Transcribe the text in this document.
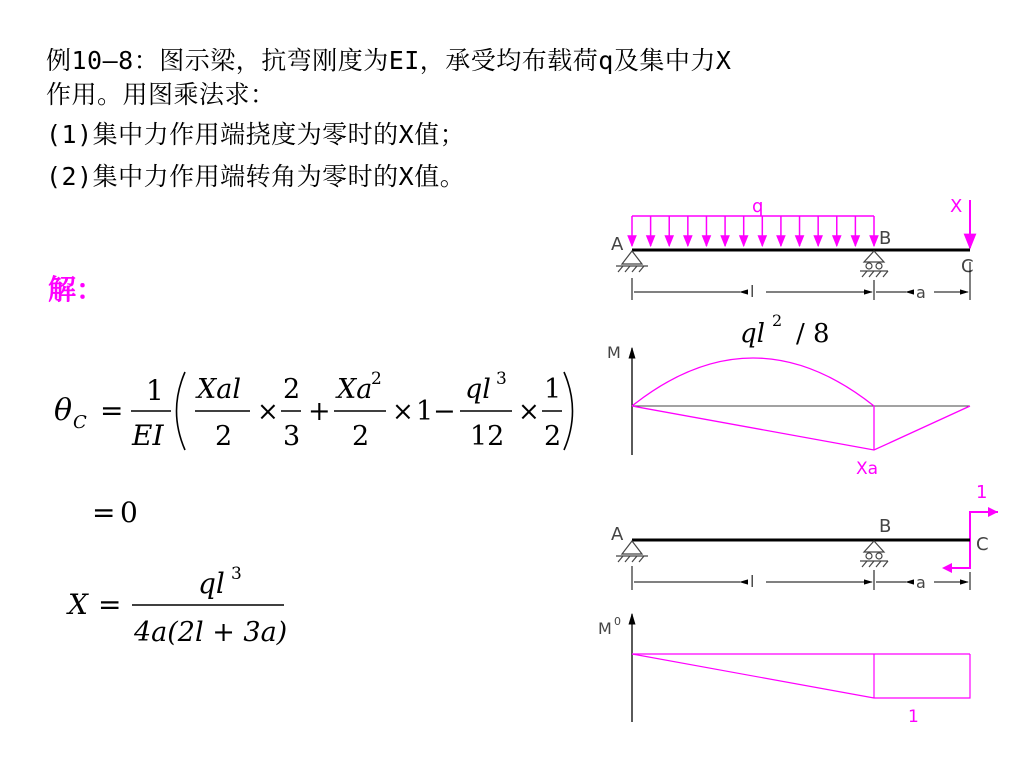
例10—8：图示梁，抗弯刚度为EI，承受均布载荷q及集中力X
作用。用图乘法求：
(1)集中力作用端挠度为零时的X值；
(2)集中力作用端转角为零时的X值。
解：
θ C =
1
EI
Xal
2
×
2
3
+
Xa
2
2
× 1 −
ql 3
12
×
1
2
= 0
X =
ql 3
4a(2l + 3a)
q	X
A	B
C
l	a
ql 2 / 8
M
Xa
1
A	B
C
l	a
M 0
1
